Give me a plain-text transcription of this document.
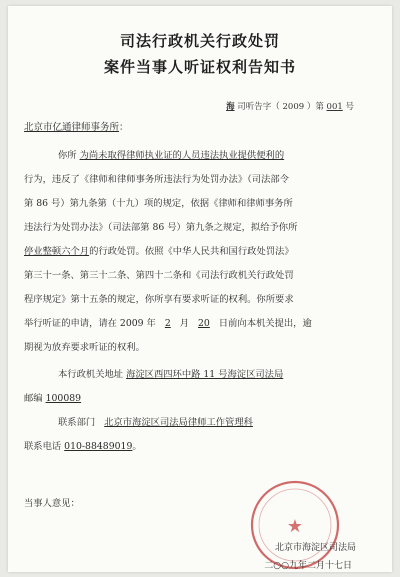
司法行政机关行政处罚
案件当事人听证权利告知书
海 司听告字（ 2009 ）第 001 号
北京市亿通律师事务所：
你所 为尚未取得律师执业证的人员违法执业提供便利的
行为，违反了《律师和律师事务所违法行为处罚办法》（司法部令
第 86 号）第九条第（十九）项的规定，依据《律师和律师事务所
违法行为处罚办法》（司法部第 86 号）第九条之规定，拟给予你所
停业整顿六个月的行政处罚。依照《中华人民共和国行政处罚法》
第三十一条、第三十二条、第四十二条和《司法行政机关行政处罚
程序规定》第十五条的规定，你所享有要求听证的权利。你所要求
举行听证的申请，请在 2009 年 2 月 20 日前向本机关提出，逾
期视为放弃要求听证的权利。
本行政机关地址 海淀区西四环中路 11 号海淀区司法局
邮编 100089
联系部门 北京市海淀区司法局律师工作管理科
联系电话 010-88489019。
当事人意见：
★
北京市海淀区司法局
二○○九年二月十七日
